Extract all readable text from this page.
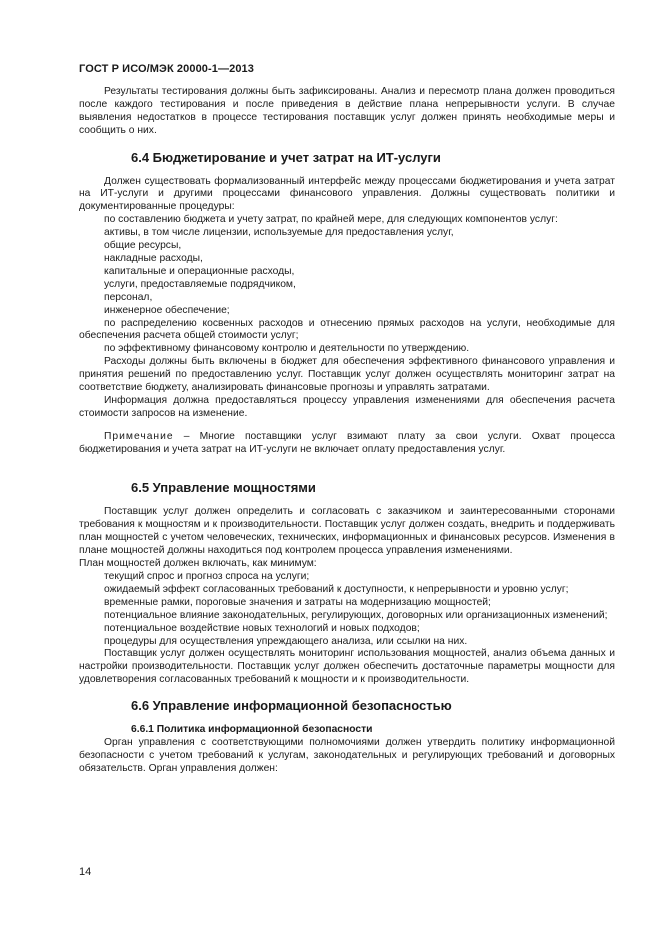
ГОСТ Р ИСО/МЭК 20000-1—2013

Результаты тестирования должны быть зафиксированы. Анализ и пересмотр плана должен проводиться после каждого тестирования и после приведения в действие плана непрерывности услуги. В случае выявления недостатков в процессе тестирования поставщик услуг должен принять необходимые меры и сообщить о них.

6.4 Бюджетирование и учет затрат на ИТ-услуги

Должен существовать формализованный интерфейс между процессами бюджетирования и учета затрат на ИТ-услуги и другими процессами финансового управления. Должны существовать политики и документированные процедуры:

по составлению бюджета и учету затрат, по крайней мере, для следующих компонентов услуг:

активы, в том числе лицензии, используемые для предоставления услуг,

общие ресурсы,

накладные расходы,

капитальные и операционные расходы,

услуги, предоставляемые подрядчиком,

персонал,

инженерное обеспечение;

по распределению косвенных расходов и отнесению прямых расходов на услуги, необходимые для обеспечения расчета общей стоимости услуг;

по эффективному финансовому контролю и деятельности по утверждению.

Расходы должны быть включены в бюджет для обеспечения эффективного финансового управления и принятия решений по предоставлению услуг. Поставщик услуг должен осуществлять мониторинг затрат на соответствие бюджету, анализировать финансовые прогнозы и управлять затратами.

Информация должна предоставляться процессу управления изменениями для обеспечения расчета стоимости запросов на изменение.

Примечание – Многие поставщики услуг взимают плату за свои услуги. Охват процесса бюджетирования и учета затрат на ИТ-услуги не включает оплату предоставления услуг.

6.5 Управление мощностями

Поставщик услуг должен определить и согласовать с заказчиком и заинтересованными сторонами требования к мощностям и к производительности. Поставщик услуг должен создать, внедрить и поддерживать план мощностей с учетом человеческих, технических, информационных и финансовых ресурсов. Изменения в плане мощностей должны находиться под контролем процесса управления изменениями.

План мощностей должен включать, как минимум:

текущий спрос и прогноз спроса на услуги;

ожидаемый эффект согласованных требований к доступности, к непрерывности и уровню услуг;

временные рамки, пороговые значения и затраты на модернизацию мощностей;

потенциальное влияние законодательных, регулирующих, договорных или организационных изменений;

потенциальное воздействие новых технологий и новых подходов;

процедуры для осуществления упреждающего анализа, или ссылки на них.

Поставщик услуг должен осуществлять мониторинг использования мощностей, анализ объема данных и настройки производительности. Поставщик услуг должен обеспечить достаточные параметры мощности для удовлетворения согласованных требований к мощности и к производительности.

6.6 Управление информационной безопасностью

6.6.1 Политика информационной безопасности

Орган управления с соответствующими полномочиями должен утвердить политику информационной безопасности с учетом требований к услугам, законодательных и регулирующих требований и договорных обязательств. Орган управления должен:

14
